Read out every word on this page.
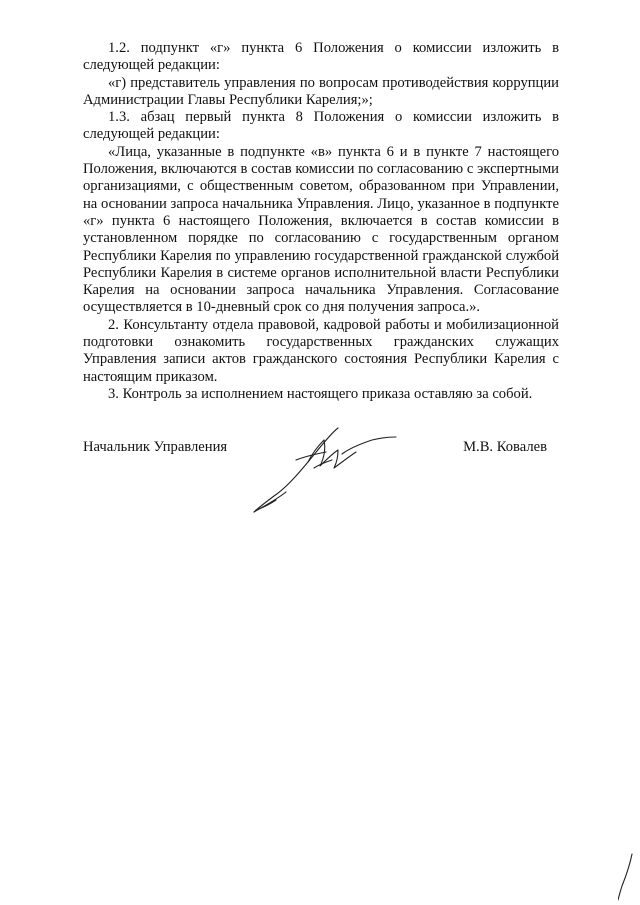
1.2. подпункт «г» пункта 6 Положения о комиссии изложить в следующей редакции:

«г) представитель управления по вопросам противодействия коррупции Администрации Главы Республики Карелия;»;

1.3. абзац первый пункта 8 Положения о комиссии изложить в следующей редакции:

«Лица, указанные в подпункте «в» пункта 6 и в пункте 7 настоящего Положения, включаются в состав комиссии по согласованию с экспертными организациями, с общественным советом, образованном при Управлении, на основании запроса начальника Управления. Лицо, указанное в подпункте «г» пункта 6 настоящего Положения, включается в состав комиссии в установленном порядке по согласованию с государственным органом Республики Карелия по управлению государственной гражданской службой Республики Карелия в системе органов исполнительной власти Республики Карелия на основании запроса начальника Управления. Согласование осуществляется в 10-дневный срок со дня получения запроса.».

2. Консультанту отдела правовой, кадровой работы и мобилизационной подготовки ознакомить государственных гражданских служащих Управления записи актов гражданского состояния Республики Карелия с настоящим приказом.

3. Контроль за исполнением настоящего приказа оставляю за собой.

Начальник Управления	М.В. Ковалев
